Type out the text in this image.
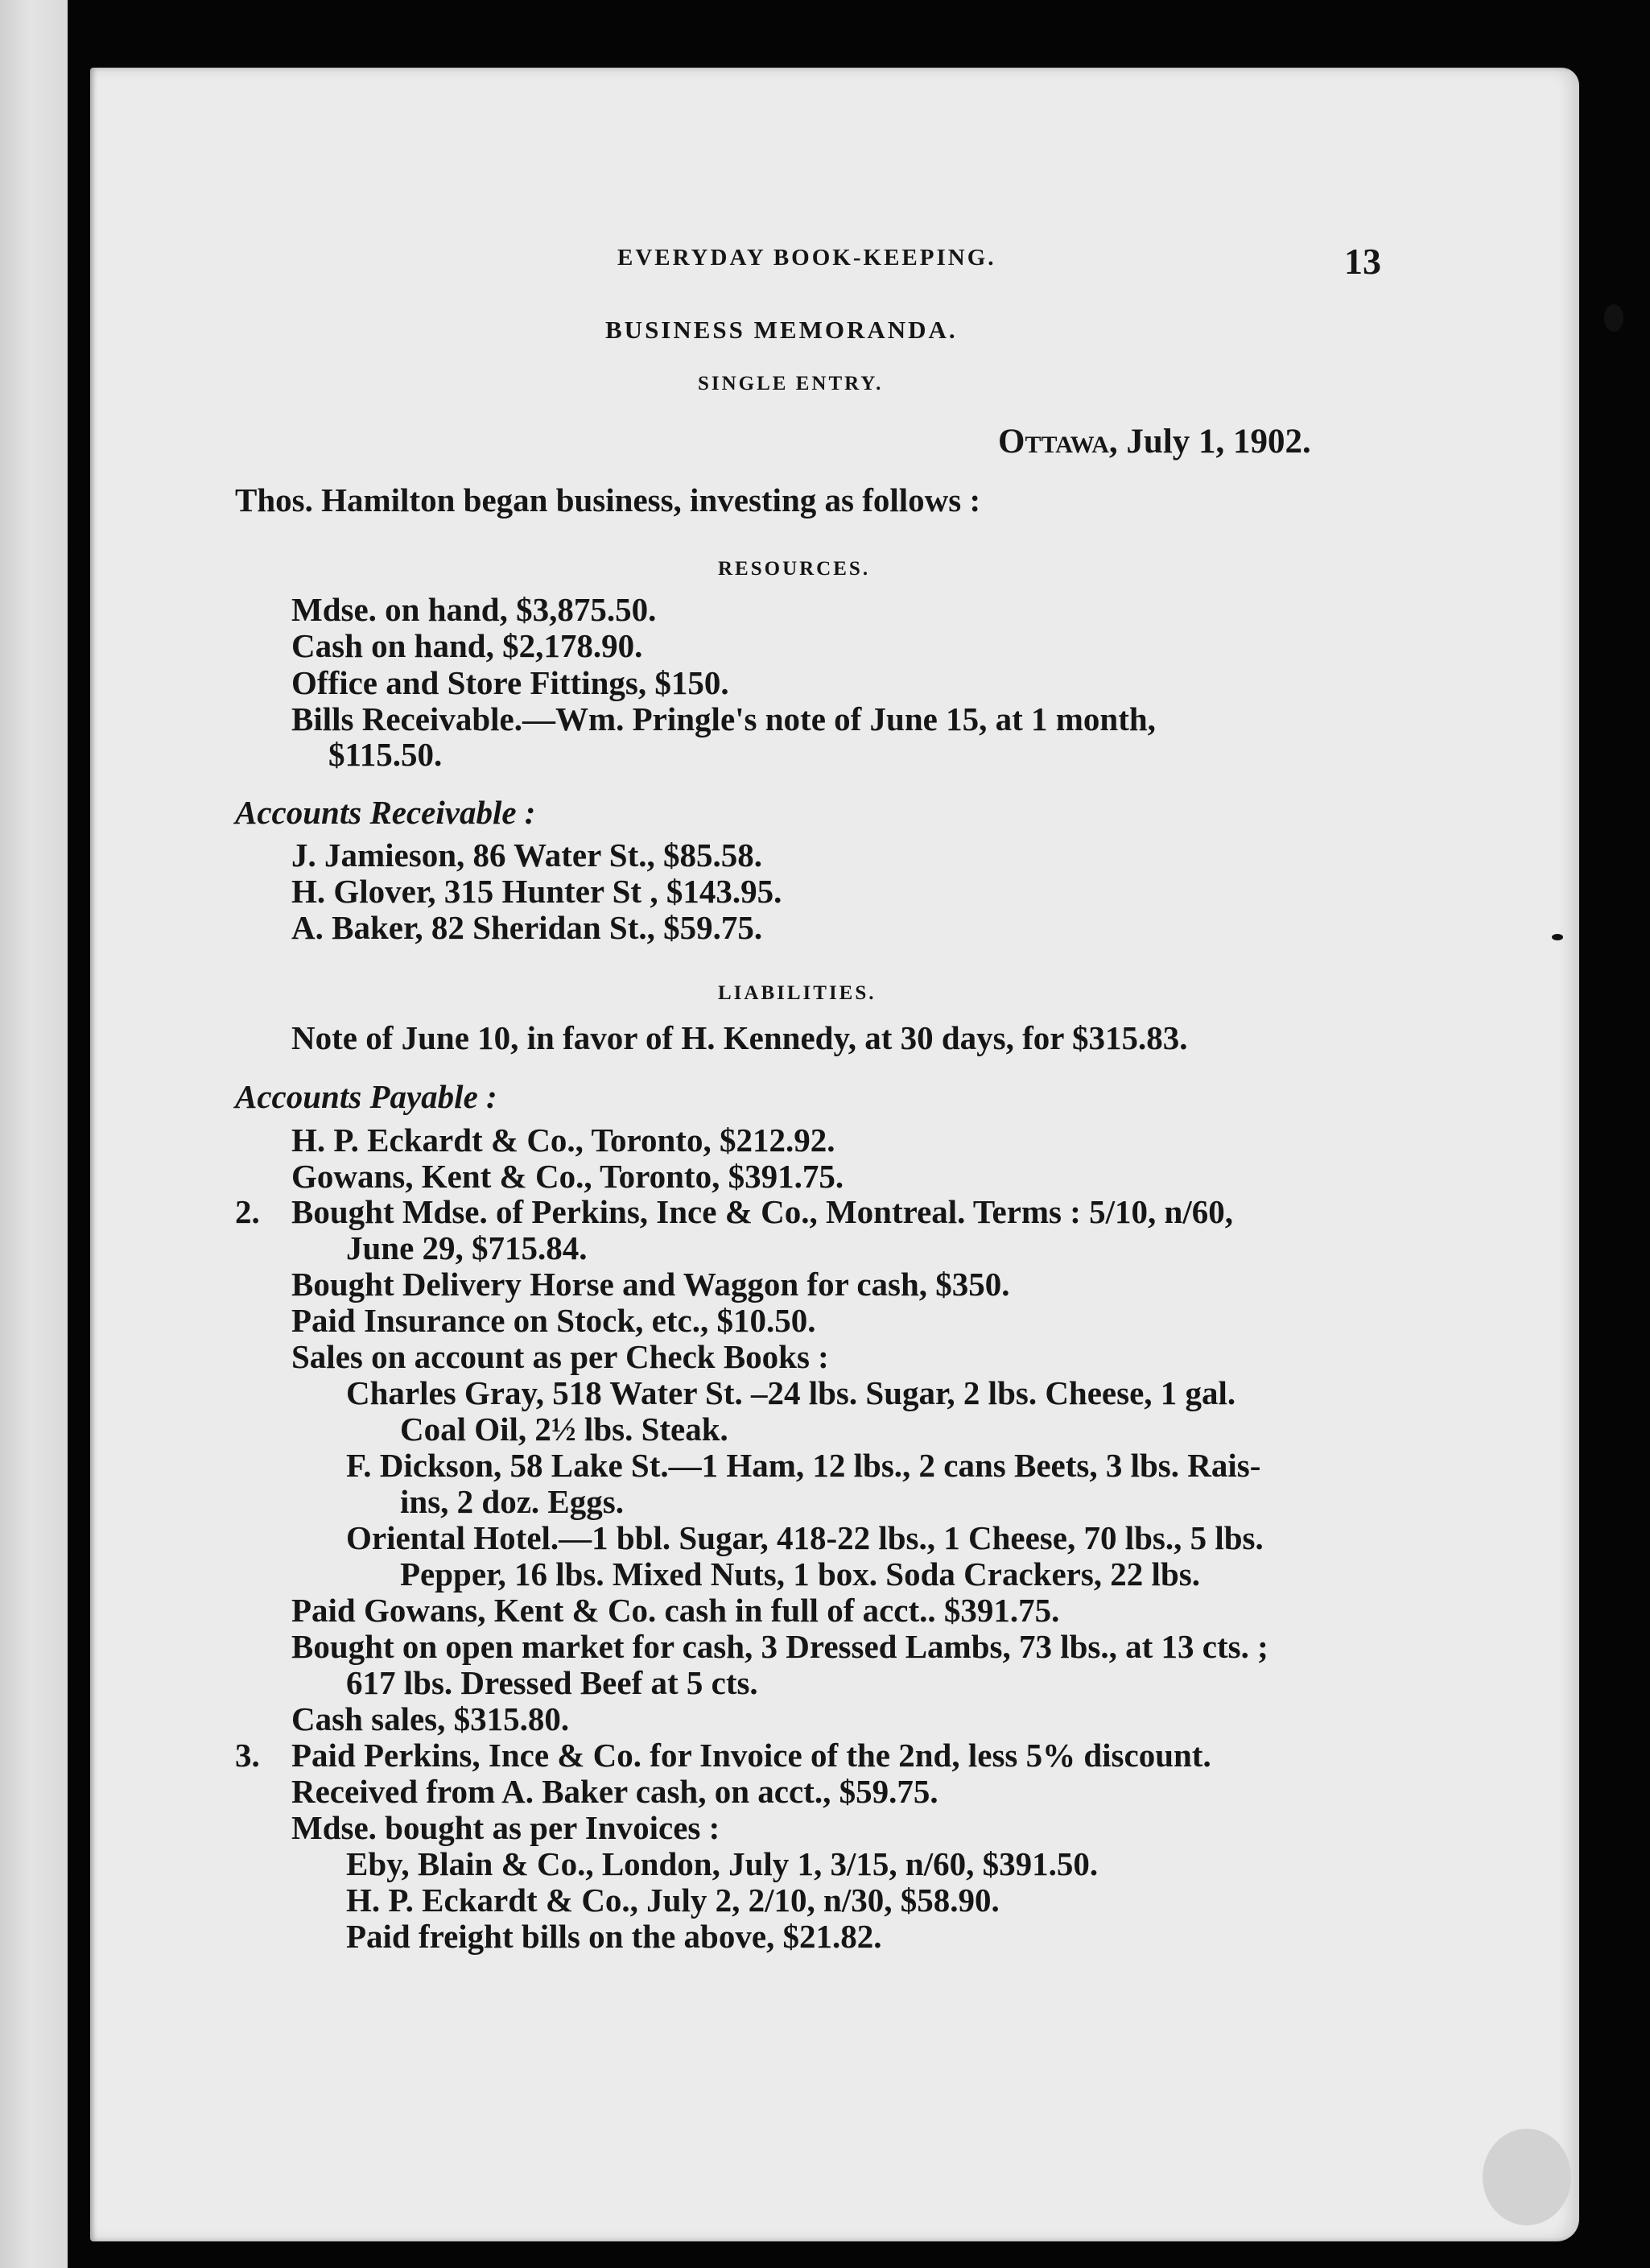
EVERYDAY BOOK-KEEPING.	13
BUSINESS MEMORANDA.
SINGLE ENTRY.
Ottawa, July 1, 1902.
Thos. Hamilton began business, investing as follows :
RESOURCES.
Mdse. on hand, $3,875.50.
Cash on hand, $2,178.90.
Office and Store Fittings, $150.
Bills Receivable.—Wm. Pringle's note of June 15, at 1 month,
$115.50.
Accounts Receivable :
J. Jamieson, 86 Water St., $85.58.
H. Glover, 315 Hunter St , $143.95.
A. Baker, 82 Sheridan St., $59.75.
LIABILITIES.
Note of June 10, in favor of H. Kennedy, at 30 days, for $315.83.
Accounts Payable :
H. P. Eckardt & Co., Toronto, $212.92.
Gowans, Kent & Co., Toronto, $391.75.
2. Bought Mdse. of Perkins, Ince & Co., Montreal. Terms : 5/10, n/60,
June 29, $715.84.
Bought Delivery Horse and Waggon for cash, $350.
Paid Insurance on Stock, etc., $10.50.
Sales on account as per Check Books :
Charles Gray, 518 Water St. –24 lbs. Sugar, 2 lbs. Cheese, 1 gal.
Coal Oil, 2½ lbs. Steak.
F. Dickson, 58 Lake St.—1 Ham, 12 lbs., 2 cans Beets, 3 lbs. Rais-
ins, 2 doz. Eggs.
Oriental Hotel.—1 bbl. Sugar, 418-22 lbs., 1 Cheese, 70 lbs., 5 lbs.
Pepper, 16 lbs. Mixed Nuts, 1 box. Soda Crackers, 22 lbs.
Paid Gowans, Kent & Co. cash in full of acct.. $391.75.
Bought on open market for cash, 3 Dressed Lambs, 73 lbs., at 13 cts. ;
617 lbs. Dressed Beef at 5 cts.
Cash sales, $315.80.
3. Paid Perkins, Ince & Co. for Invoice of the 2nd, less 5% discount.
Received from A. Baker cash, on acct., $59.75.
Mdse. bought as per Invoices :
Eby, Blain & Co., London, July 1, 3/15, n/60, $391.50.
H. P. Eckardt & Co., July 2, 2/10, n/30, $58.90.
Paid freight bills on the above, $21.82.
